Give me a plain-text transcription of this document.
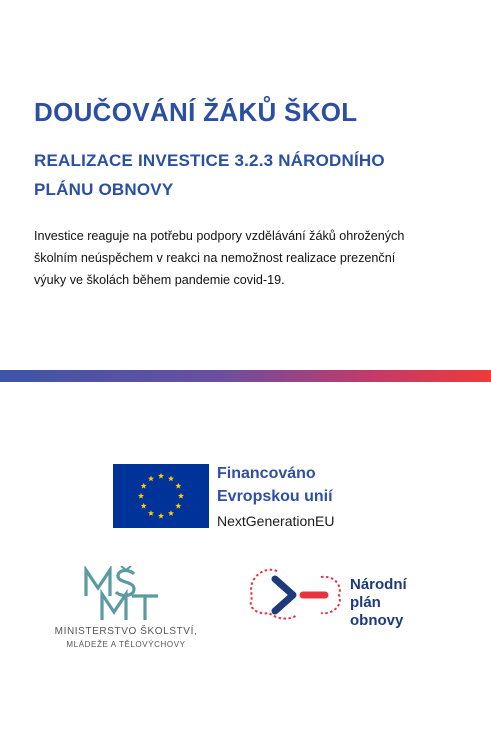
DOUČOVÁNÍ ŽÁKŮ ŠKOL
REALIZACE INVESTICE 3.2.3 NÁRODNÍHO
PLÁNU OBNOVY
Investice reaguje na potřebu podpory vzdělávání žáků ohrožených
školním neúspěchem v reakci na nemožnost realizace prezenční
výuky ve školách během pandemie covid-19.
Financováno
Evropskou unií
NextGenerationEU
MINISTERSTVO ŠKOLSTVÍ,
MLÁDEŽE A TĚLOVÝCHOVY
Národní
plán
obnovy
